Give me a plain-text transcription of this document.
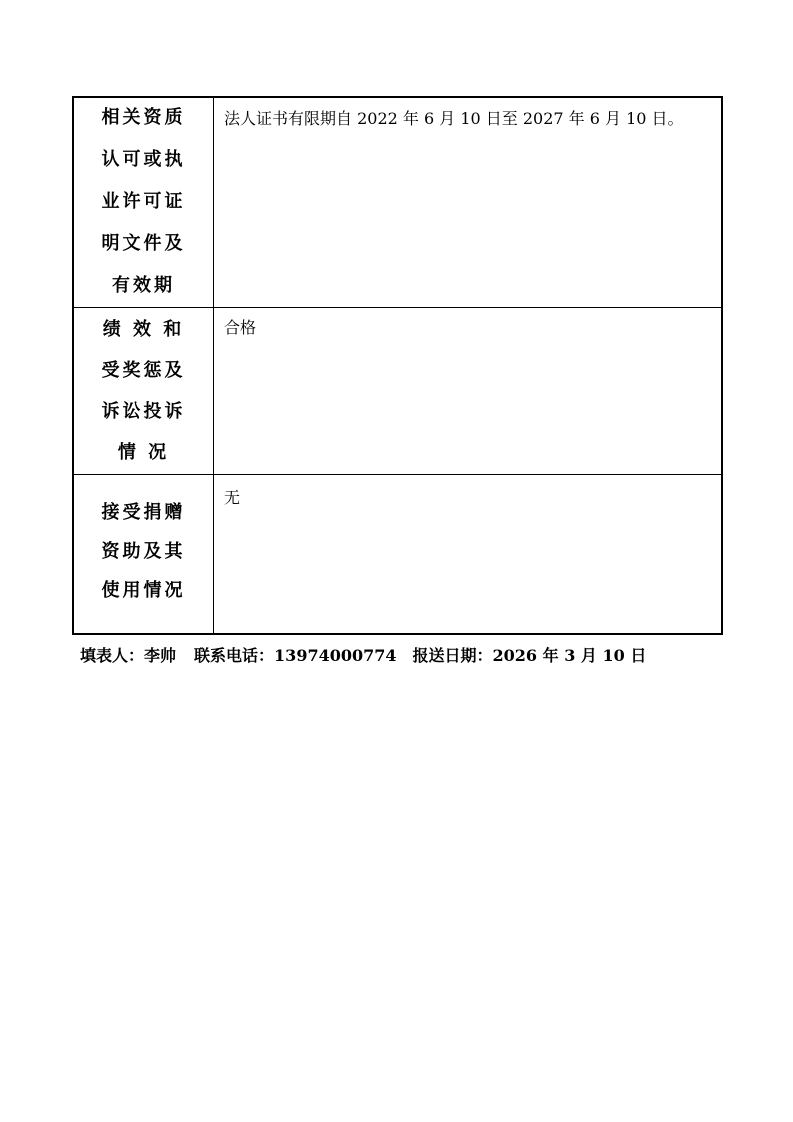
相关资质
认可或执
业许可证
明文件及
有效期	法人证书有限期自 2022 年 6 月 10 日至 2027 年 6 月 10 日。

绩 效 和
受奖惩及
诉讼投诉
情 况	合格

接受捐赠
资助及其
使用情况	无
填表人：李帅 联系电话：13974000774 报送日期：2026 年 3 月 10 日
